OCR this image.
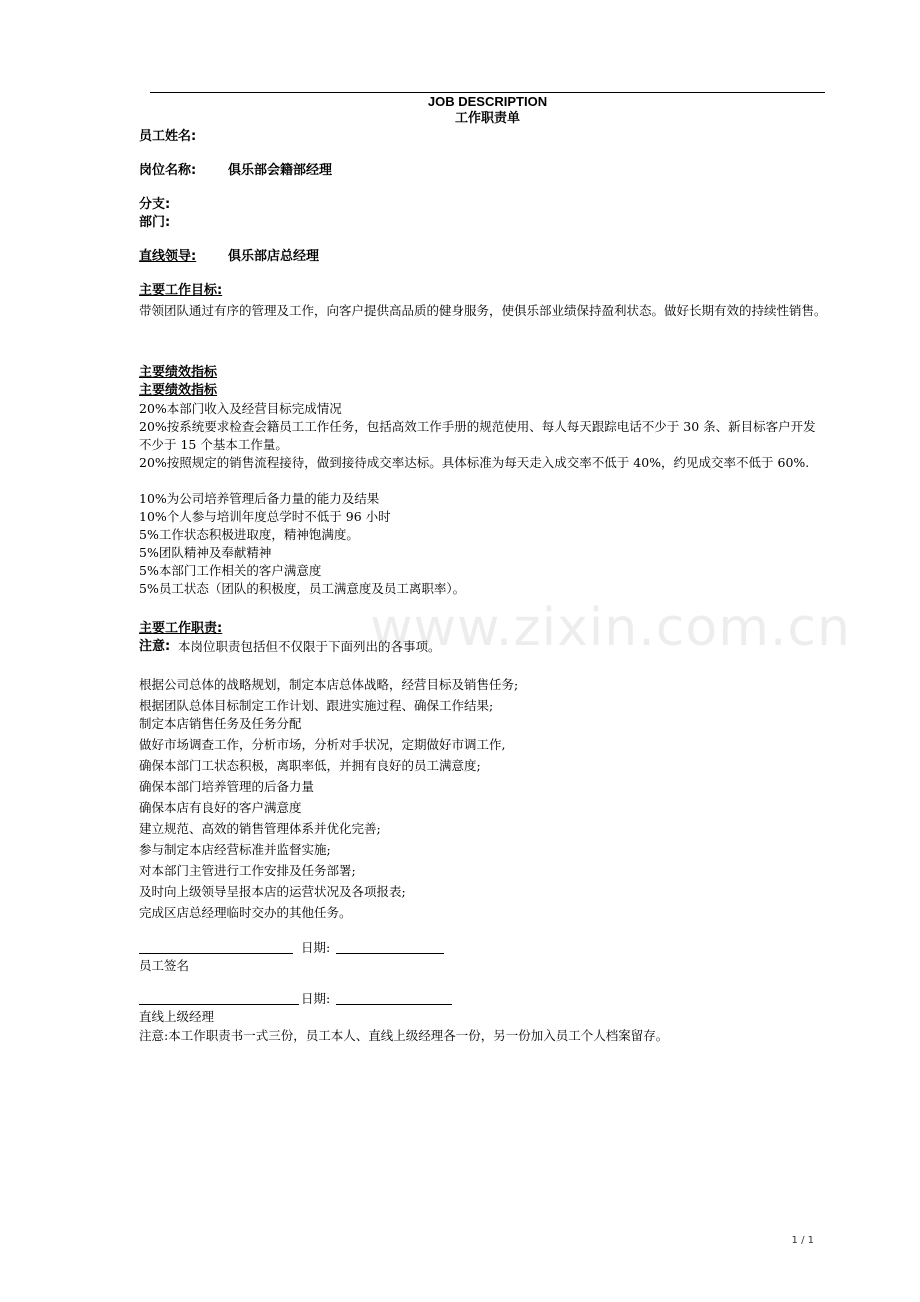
www.zixin.com.cn
JOB DESCRIPTION
工作职责单
员工姓名:
岗位名称: 俱乐部会籍部经理
分支:
部门:
直线领导: 俱乐部店总经理
主要工作目标:
带领团队通过有序的管理及工作，向客户提供高品质的健身服务，使俱乐部业绩保持盈利状态。做好长期有效的持续性销售。
主要绩效指标
主要绩效指标
20%本部门收入及经营目标完成情况
20%按系统要求检查会籍员工工作任务，包括高效工作手册的规范使用、每人每天跟踪电话不少于 30 条、新目标客户开发不少于 15 个基本工作量。
20%按照规定的销售流程接待，做到接待成交率达标。具体标准为每天走入成交率不低于 40%，约见成交率不低于 60%.
10%为公司培养管理后备力量的能力及结果
10%个人参与培训年度总学时不低于 96 小时
5%工作状态积极进取度，精神饱满度。
5%团队精神及奉献精神
5%本部门工作相关的客户满意度
5%员工状态（团队的积极度，员工满意度及员工离职率）。
主要工作职责:
注意: 本岗位职责包括但不仅限于下面列出的各事项。
根据公司总体的战略规划，制定本店总体战略，经营目标及销售任务;
根据团队总体目标制定工作计划、跟进实施过程、确保工作结果;
制定本店销售任务及任务分配
做好市场调查工作，分析市场，分析对手状况，定期做好市调工作,
确保本部门工状态积极，离职率低，并拥有良好的员工满意度;
确保本部门培养管理的后备力量
确保本店有良好的客户满意度
建立规范、高效的销售管理体系并优化完善;
参与制定本店经营标准并监督实施;
对本部门主管进行工作安排及任务部署;
及时向上级领导呈报本店的运营状况及各项报表;
完成区店总经理临时交办的其他任务。
日期:
员工签名
日期:
直线上级经理
注意:本工作职责书一式三份，员工本人、直线上级经理各一份，另一份加入员工个人档案留存。
1 / 1
